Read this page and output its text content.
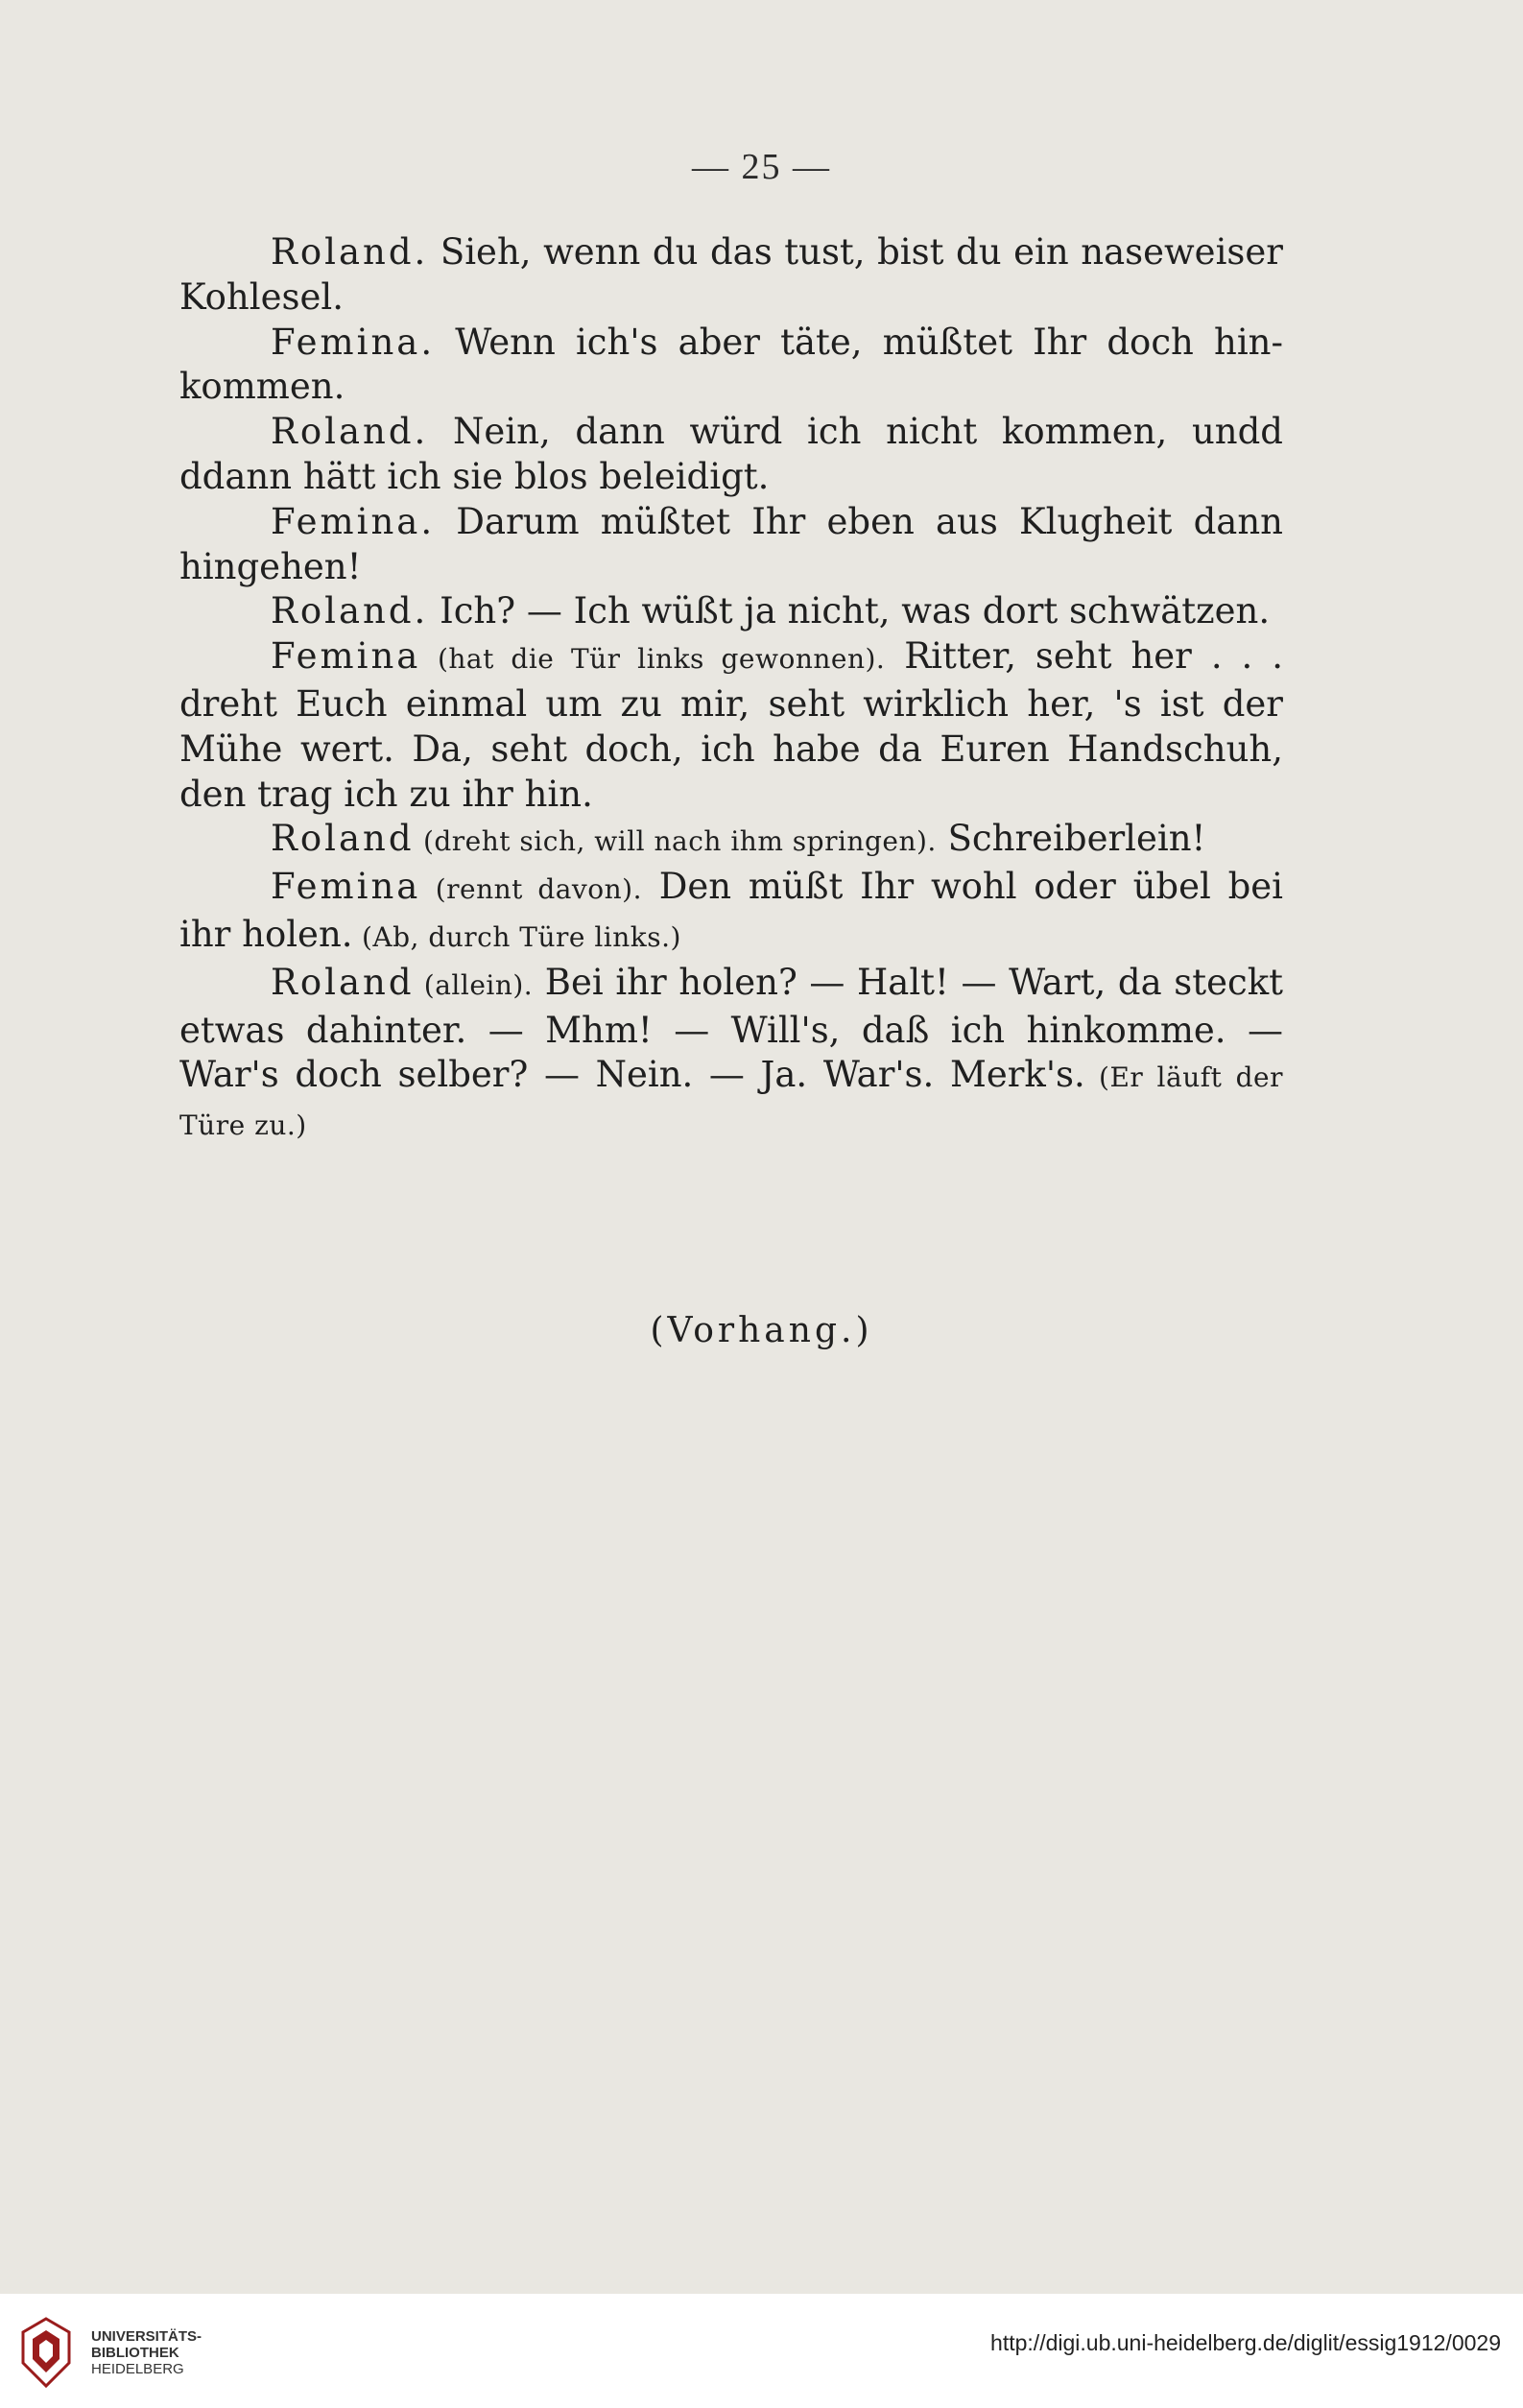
— 25 —

Roland. Sieh, wenn du das tust, bist du ein naseweiser Kohlesel.

Femina. Wenn ich's aber täte, müßtet Ihr doch hin-kommen.

Roland. Nein, dann würd ich nicht kommen, undd ddann hätt ich sie blos beleidigt.

Femina. Darum müßtet Ihr eben aus Klugheit dann hingehen!

Roland. Ich? — Ich wüßt ja nicht, was dort schwätzen.

Femina (hat die Tür links gewonnen). Ritter, seht her . . . dreht Euch einmal um zu mir, seht wirklich her, 's ist der Mühe wert. Da, seht doch, ich habe da Euren Handschuh, den trag ich zu ihr hin.

Roland (dreht sich, will nach ihm springen). Schreiberlein!

Femina (rennt davon). Den müßt Ihr wohl oder übel bei ihr holen. (Ab, durch Türe links.)

Roland (allein). Bei ihr holen? — Halt! — Wart, da steckt etwas dahinter. — Mhm! — Will's, daß ich hinkomme. — War's doch selber? — Nein. — Ja. War's. Merk's. (Er läuft der Türe zu.)

(Vorhang.)
UNIVERSITÄTS-
BIBLIOTHEK
HEIDELBERG
http://digi.ub.uni-heidelberg.de/diglit/essig1912/0029
